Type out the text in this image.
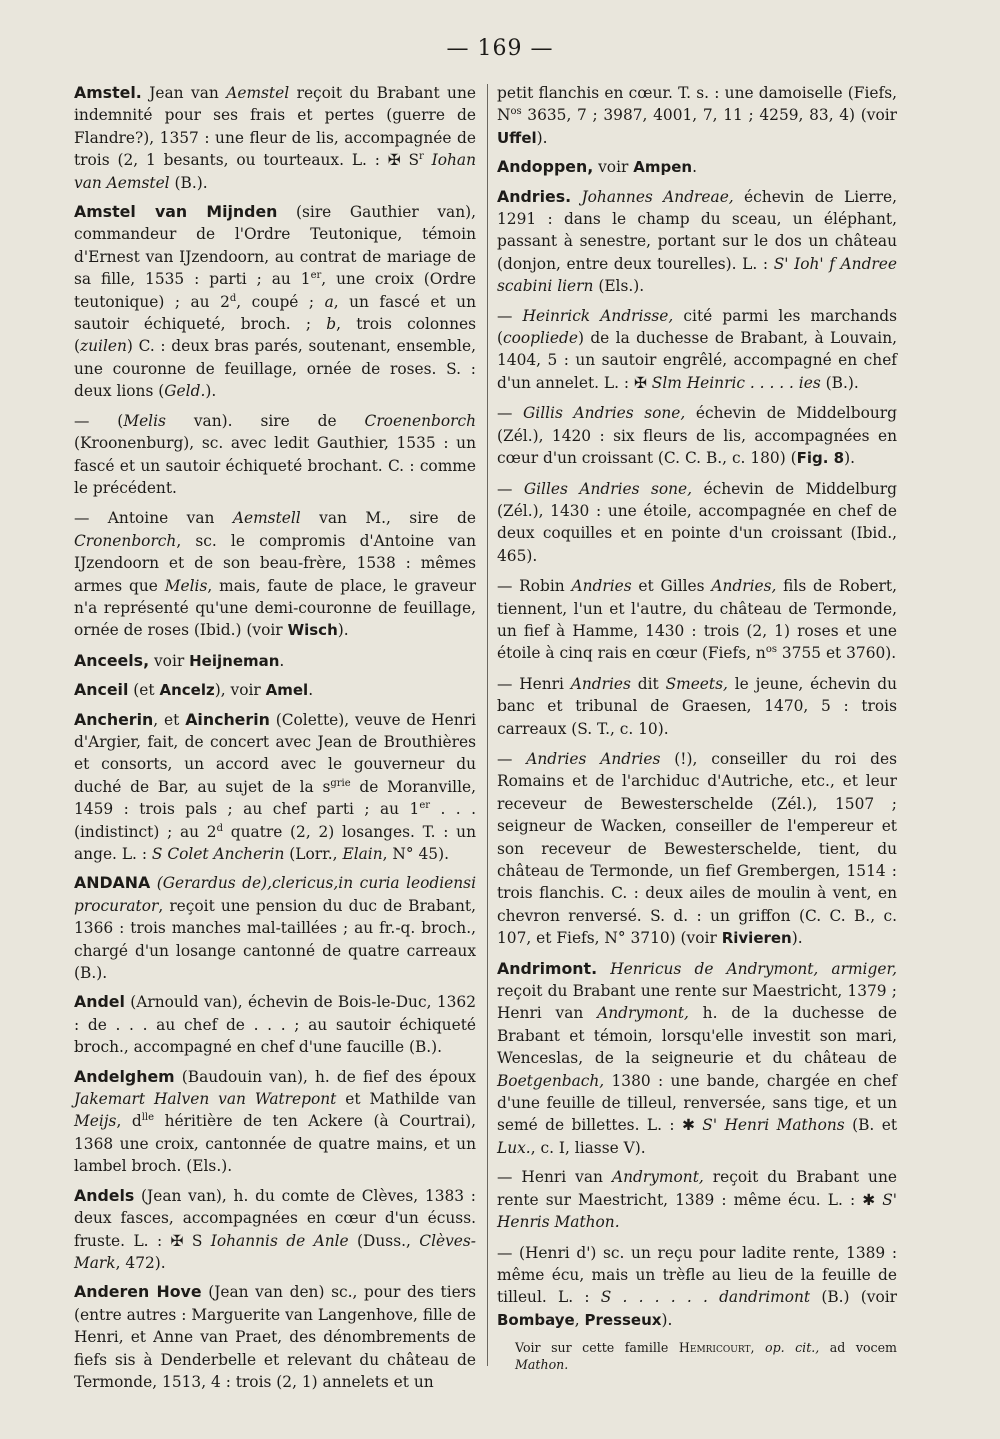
— 169 —

Amstel. Jean van Aemstel reçoit du Brabant une indemnité pour ses frais et pertes (guerre de Flandre?), 1357 : une fleur de lis, accompagnée de trois (2, 1 besants, ou tourteaux. L. : ✠ $S^r$ Iohan van Aemstel (B.).

Amstel van Mijnden (sire Gauthier van), commandeur de l'Ordre Teutonique, témoin d'Ernest van IJzendoorn, au contrat de mariage de sa fille, 1535 : parti ; au 1er, une croix (Ordre teutonique) ; au 2$^d$, coupé ; a, un fascé et un sautoir échiqueté, broch. ; b, trois colonnes (zuilen) C. : deux bras parés, soutenant, ensemble, une couronne de feuillage, ornée de roses. S. : deux lions (Geld.).

— (Melis van). sire de Croenenborch (Kroonenburg), sc. avec ledit Gauthier, 1535 : un fascé et un sautoir échiqueté brochant. C. : comme le précédent.

— Antoine van Aemstell van M., sire de Cronenborch, sc. le compromis d'Antoine van IJzendoorn et de son beau-frère, 1538 : mêmes armes que Melis, mais, faute de place, le graveur n'a représenté qu'une demi-couronne de feuillage, ornée de roses (Ibid.) (voir Wisch).

Anceels, voir Heijneman.

Anceil (et Ancelz), voir Amel.

Ancherin, et Aincherin (Colette), veuve de Henri d'Argier, fait, de concert avec Jean de Brouthières et consorts, un accord avec le gouverneur du duché de Bar, au sujet de la $s^{grie}$ de Moranville, 1459 : trois pals ; au chef parti ; au 1er . . . (indistinct) ; au 2$^d$ quatre (2, 2) losanges. T. : un ange. L. : S Colet Ancherin (Lorr., Elain, N° 45).

ANDANA (Gerardus de),clericus,in curia leodiensi procurator, reçoit une pension du duc de Brabant, 1366 : trois manches mal-taillées ; au fr.-q. broch., chargé d'un losange cantonné de quatre carreaux (B.).

Andel (Arnould van), échevin de Bois-le-Duc, 1362 : de . . . au chef de . . . ; au sautoir échiqueté broch., accompagné en chef d'une faucille (B.).

Andelghem (Baudouin van), h. de fief des époux Jakemart Halven van Watrepont et Mathilde van Meijs, $d^{lle}$ héritière de ten Ackere (à Courtrai), 1368 une croix, cantonnée de quatre mains, et un lambel broch. (Els.).

Andels (Jean van), h. du comte de Clèves, 1383 : deux fasces, accompagnées en cœur d'un écuss. fruste. L. : ✠ S Iohannis de Anle (Duss., Clèves-Mark, 472).

Anderen Hove (Jean van den) sc., pour des tiers (entre autres : Marguerite van Langenhove, fille de Henri, et Anne van Praet, des dénombrements de fiefs sis à Denderbelle et relevant du château de Termonde, 1513, 4 : trois (2, 1) annelets et un

petit flanchis en cœur. T. s. : une damoiselle (Fiefs, $N^{os}$ 3635, 7 ; 3987, 4001, 7, 11 ; 4259, 83, 4) (voir Uffel).

Andoppen, voir Ampen.

Andries. Johannes Andreae, échevin de Lierre, 1291 : dans le champ du sceau, un éléphant, passant à senestre, portant sur le dos un château (donjon, entre deux tourelles). L. : S' Ioh' f Andree scabini liern (Els.).

— Heinrick Andrisse, cité parmi les marchands (coopliede) de la duchesse de Brabant, à Louvain, 1404, 5 : un sautoir engrêlé, accompagné en chef d'un annelet. L. : ✠ Slm Heinric . . . . . ies (B.).

— Gillis Andries sone, échevin de Middelbourg (Zél.), 1420 : six fleurs de lis, accompagnées en cœur d'un croissant (C. C. B., c. 180) (Fig. 8).

— Gilles Andries sone, échevin de Middelburg (Zél.), 1430 : une étoile, accompagnée en chef de deux coquilles et en pointe d'un croissant (Ibid., 465).

— Robin Andries et Gilles Andries, fils de Robert, tiennent, l'un et l'autre, du château de Termonde, un fief à Hamme, 1430 : trois (2, 1) roses et une étoile à cinq rais en cœur (Fiefs, $n^{os}$ 3755 et 3760).

— Henri Andries dit Smeets, le jeune, échevin du banc et tribunal de Graesen, 1470, 5 : trois carreaux (S. T., c. 10).

— Andries Andries (!), conseiller du roi des Romains et de l'archiduc d'Autriche, etc., et leur receveur de Bewesterschelde (Zél.), 1507 ; seigneur de Wacken, conseiller de l'empereur et son receveur de Bewesterschelde, tient, du château de Termonde, un fief Grembergen, 1514 : trois flanchis. C. : deux ailes de moulin à vent, en chevron renversé. S. d. : un griffon (C. C. B., c. 107, et Fiefs, N° 3710) (voir Rivieren).

Andrimont. Henricus de Andrymont, armiger, reçoit du Brabant une rente sur Maestricht, 1379 ; Henri van Andrymont, h. de la duchesse de Brabant et témoin, lorsqu'elle investit son mari, Wenceslas, de la seigneurie et du château de Boetgenbach, 1380 : une bande, chargée en chef d'une feuille de tilleul, renversée, sans tige, et un semé de billettes. L. : ✱ S' Henri Mathons (B. et Lux., c. I, liasse V).

— Henri van Andrymont, reçoit du Brabant une rente sur Maestricht, 1389 : même écu. L. : ✱ S' Henris Mathon.

— (Henri d') sc. un reçu pour ladite rente, 1389 : même écu, mais un trèfle au lieu de la feuille de tilleul. L. : S . . . . . . dandrimont (B.) (voir Bombaye, Presseux).

Voir sur cette famille Hemricourt, op. cit., ad vocem Mathon.
